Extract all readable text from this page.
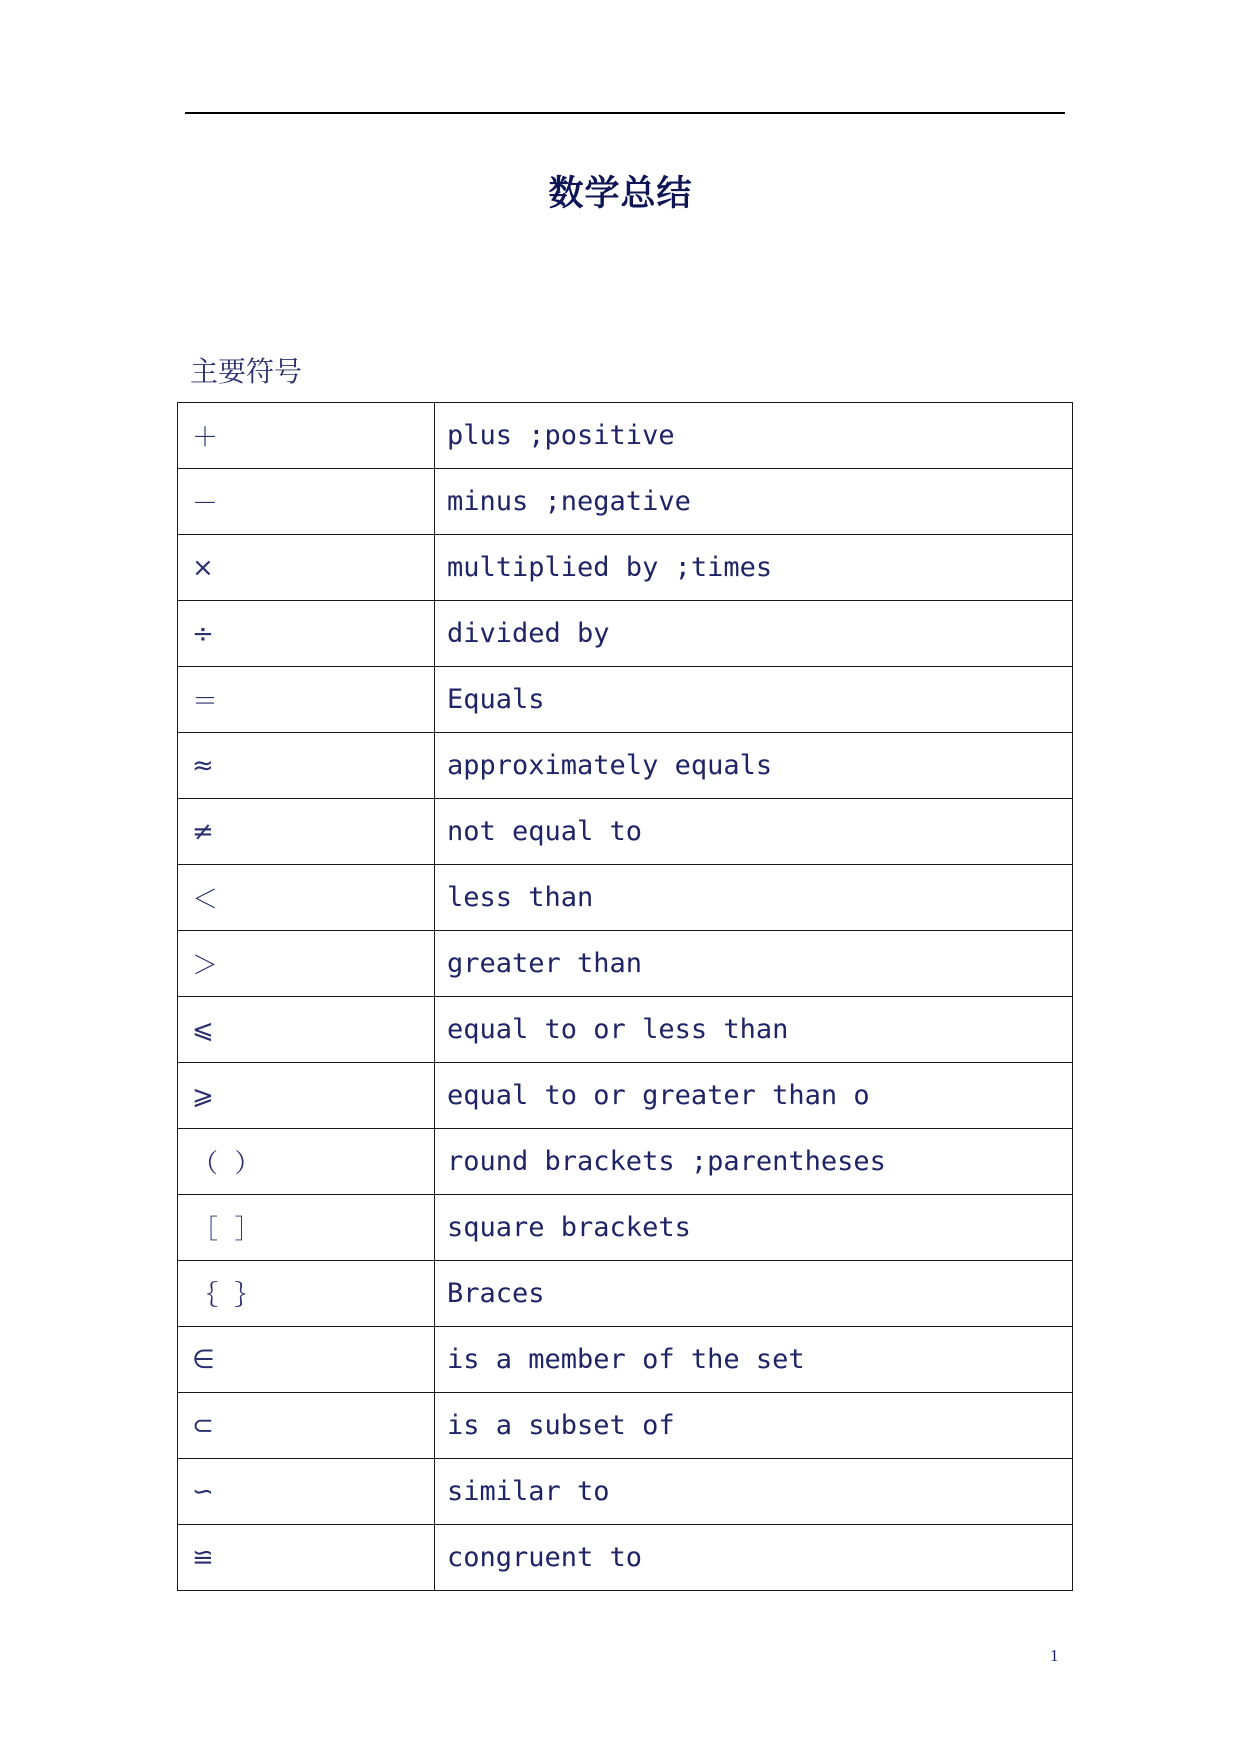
数学总结
主要符号
＋	plus ;positive
－	minus ;negative
×	multiplied by ;times
÷	divided by
＝	Equals
≈	approximately equals
≠	not equal to
＜	less than
＞	greater than
⩽	equal to or less than
⩾	equal to or greater than o
（  ）	round brackets ;parentheses
［  ］	square brackets
｛  ｝	Braces
∈	is a member of the set
⊂	is a subset of
∽	similar to
≌	congruent to
1
